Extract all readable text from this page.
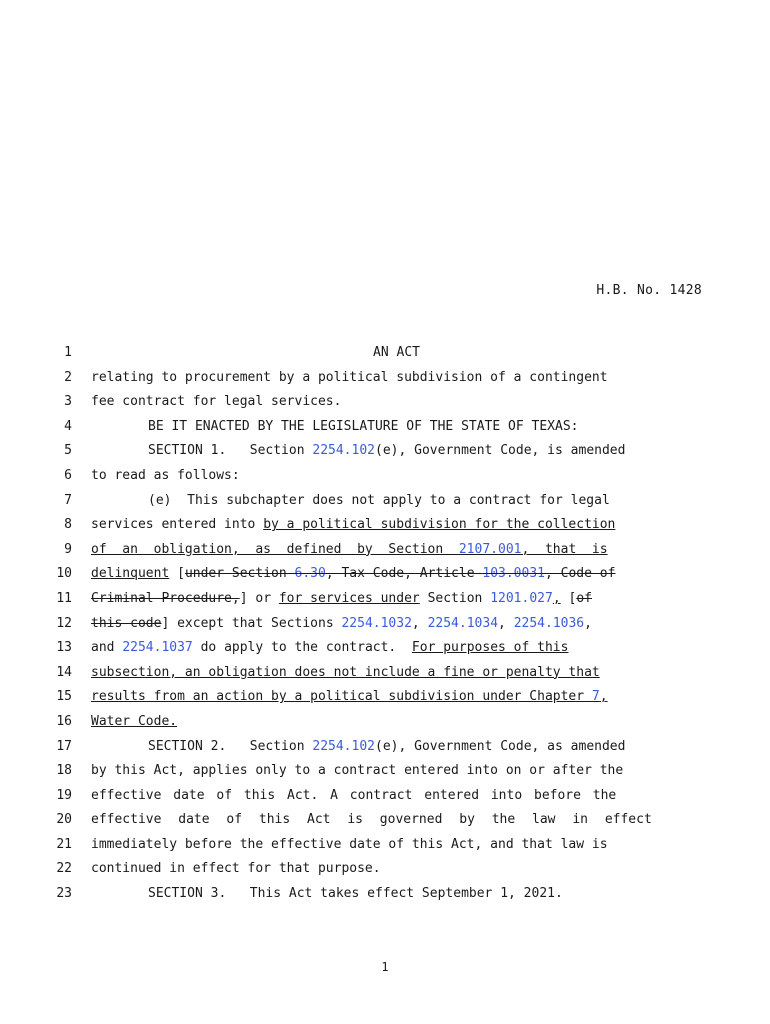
H.B. No. 1428
1	AN ACT
2 relating to procurement by a political subdivision of a contingent
3 fee contract for legal services.
4	BE IT ENACTED BY THE LEGISLATURE OF THE STATE OF TEXAS:
5	SECTION 1.   Section 2254.102(e), Government Code, is amended
6 to read as follows:
7	(e)  This subchapter does not apply to a contract for legal
8 services entered into by a political subdivision for the collection
9 of  an  obligation,  as  defined  by  Section  2107.001,  that  is
10 delinquent [under Section 6.30, Tax Code, Article 103.0031, Code of
11 Criminal Procedure,] or for services under Section 1201.027, [of
12 this code] except that Sections 2254.1032, 2254.1034, 2254.1036,
13 and 2254.1037 do apply to the contract.  For purposes of this
14 subsection, an obligation does not include a fine or penalty that
15 results from an action by a political subdivision under Chapter 7,
16 Water Code.
17	SECTION 2.   Section 2254.102(e), Government Code, as amended
18 by this Act, applies only to a contract entered into on or after the
19 effective date of this Act. A contract entered into before the
20 effective date of this Act is governed by the law in effect
21 immediately before the effective date of this Act, and that law is
22 continued in effect for that purpose.
23	SECTION 3.   This Act takes effect September 1, 2021.
1
